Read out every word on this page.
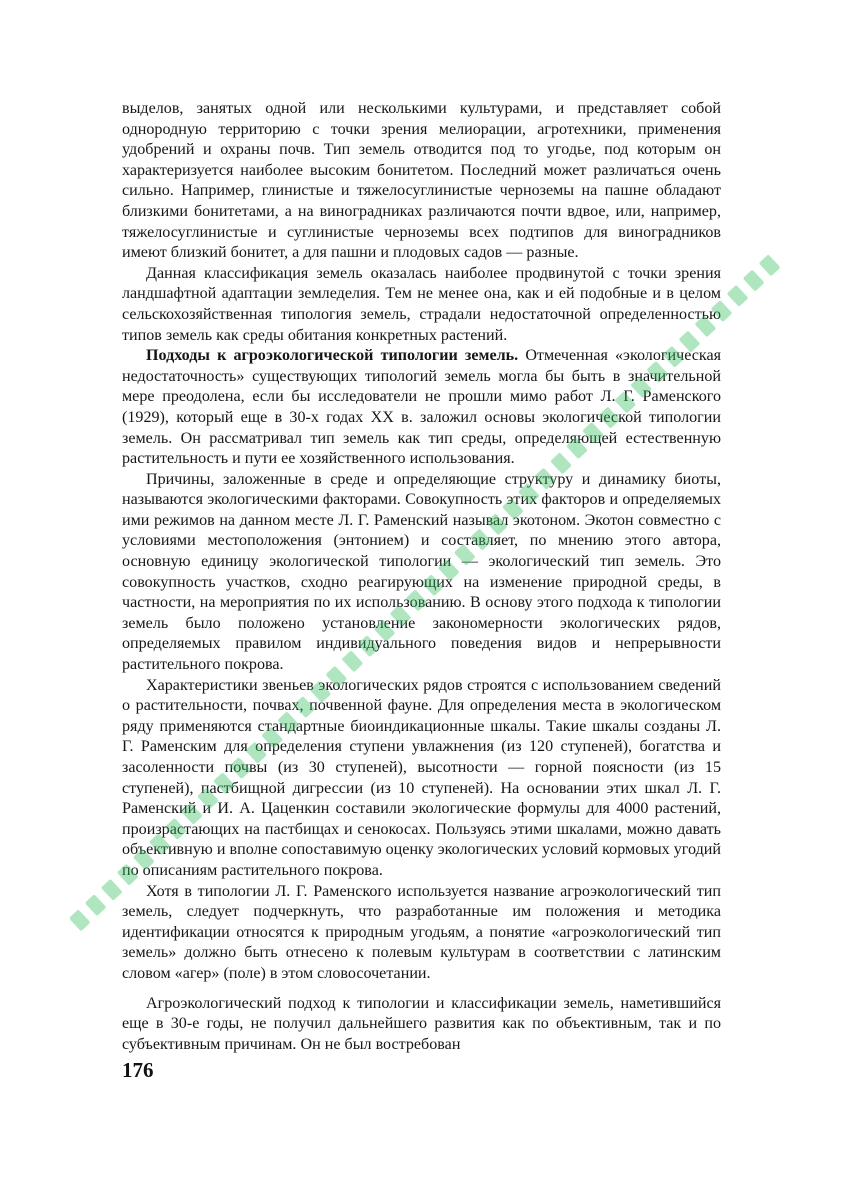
выделов, занятых одной или несколькими культурами, и представляет собой однородную территорию с точки зрения мелиорации, агротехники, применения удобрений и охраны почв. Тип земель отводится под то угодье, под которым он характеризуется наиболее высоким бонитетом. Последний может различаться очень сильно. Например, глинистые и тяжелосуглинистые черноземы на пашне обладают близкими бонитетами, а на виноградниках различаются почти вдвое, или, например, тяжелосуглинистые и суглинистые черноземы всех подтипов для виноградников имеют близкий бонитет, а для пашни и плодовых садов — разные.

Данная классификация земель оказалась наиболее продвинутой с точки зрения ландшафтной адаптации земледелия. Тем не менее она, как и ей подобные и в целом сельскохозяйственная типология земель, страдали недостаточной определенностью типов земель как среды обитания конкретных растений.

Подходы к агроэкологической типологии земель. Отмеченная «экологическая недостаточность» существующих типологий земель могла бы быть в значительной мере преодолена, если бы исследователи не прошли мимо работ Л. Г. Раменского (1929), который еще в 30-х годах XX в. заложил основы экологической типологии земель. Он рассматривал тип земель как тип среды, определяющей естественную растительность и пути ее хозяйственного использования.

Причины, заложенные в среде и определяющие структуру и динамику биоты, называются экологическими факторами. Совокупность этих факторов и определяемых ими режимов на данном месте Л. Г. Раменский называл экотоном. Экотон совместно с условиями местоположения (энтонием) и составляет, по мнению этого автора, основную единицу экологической типологии — экологический тип земель. Это совокупность участков, сходно реагирующих на изменение природной среды, в частности, на мероприятия по их использованию. В основу этого подхода к типологии земель было положено установление закономерности экологических рядов, определяемых правилом индивидуального поведения видов и непрерывности растительного покрова.

Характеристики звеньев экологических рядов строятся с использованием сведений о растительности, почвах, почвенной фауне. Для определения места в экологическом ряду применяются стандартные биоиндикационные шкалы. Такие шкалы созданы Л. Г. Раменским для определения ступени увлажнения (из 120 ступеней), богатства и засоленности почвы (из 30 ступеней), высотности — горной поясности (из 15 ступеней), пастбищной дигрессии (из 10 ступеней). На основании этих шкал Л. Г. Раменский и И. А. Цаценкин составили экологические формулы для 4000 растений, произрастающих на пастбищах и сенокосах. Пользуясь этими шкалами, можно давать объективную и вполне сопоставимую оценку экологических условий кормовых угодий по описаниям растительного покрова.

Хотя в типологии Л. Г. Раменского используется название агроэкологический тип земель, следует подчеркнуть, что разработанные им положения и методика идентификации относятся к природным угодьям, а понятие «агроэкологический тип земель» должно быть отнесено к полевым культурам в соответствии с латинским словом «агер» (поле) в этом словосочетании.

Агроэкологический подход к типологии и классификации земель, наметившийся еще в 30-е годы, не получил дальнейшего развития как по объективным, так и по субъективным причинам. Он не был востребован

176
